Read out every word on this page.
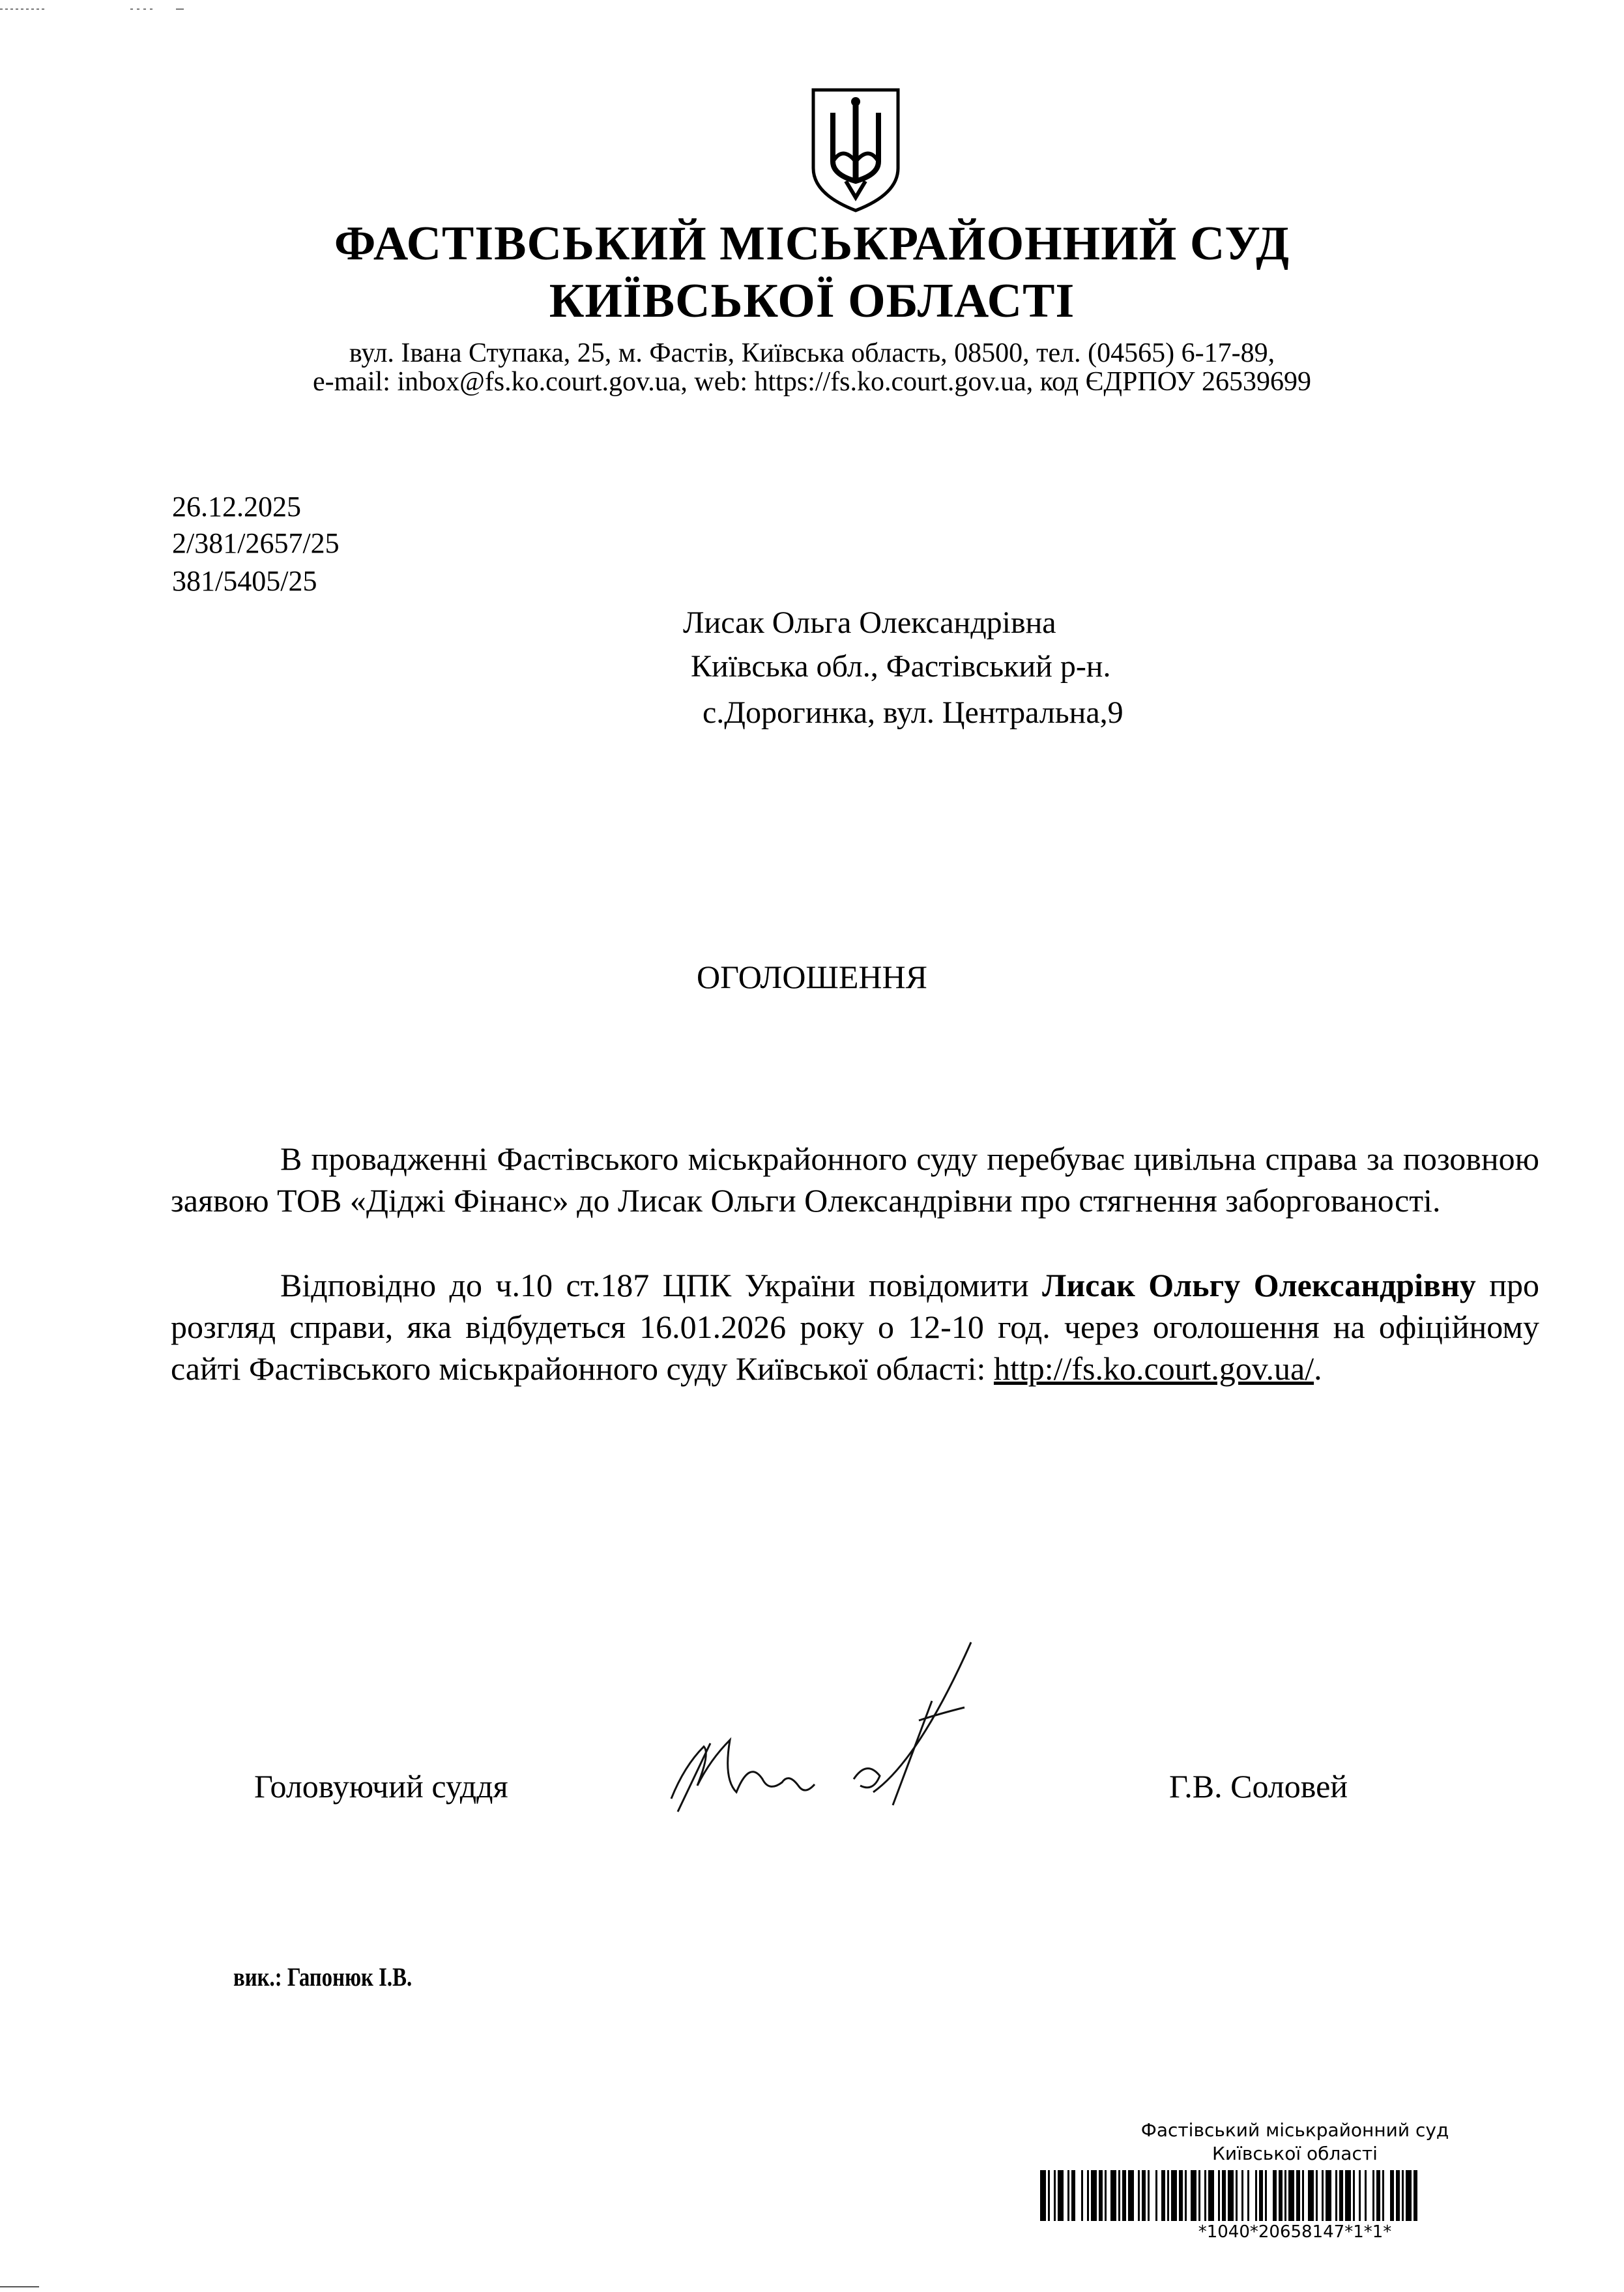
ФАСТІВСЬКИЙ МІСЬКРАЙОННИЙ СУД
КИЇВСЬКОЇ ОБЛАСТІ
вул. Івана Ступака, 25, м. Фастів, Київська область, 08500, тел. (04565) 6-17-89,
e-mail: inbox@fs.ko.court.gov.ua, web: https://fs.ko.court.gov.ua, код ЄДРПОУ 26539699
26.12.2025
2/381/2657/25
381/5405/25
Лисак Ольга Олександрівна
Київська обл., Фастівський р-н.
с.Дорогинка, вул. Центральна,9
ОГОЛОШЕННЯ
В провадженні Фастівського міськрайонного суду перебуває цивільна справа за позовною заявою ТОВ «Діджі Фінанс» до Лисак Ольги Олександрівни про стягнення заборгованості.
Відповідно до ч.10 ст.187 ЦПК України повідомити Лисак Ольгу Олександрівну про розгляд справи, яка відбудеться 16.01.2026 року о 12-10 год. через оголошення на офіційному сайті Фастівського міськрайонного суду Київської області: http://fs.ko.court.gov.ua/.
Головуючий суддя	Г.В. Соловей
вик.: Гапонюк І.В.
Фастівський міськрайонний суд
Київської області
*1040*20658147*1*1*
